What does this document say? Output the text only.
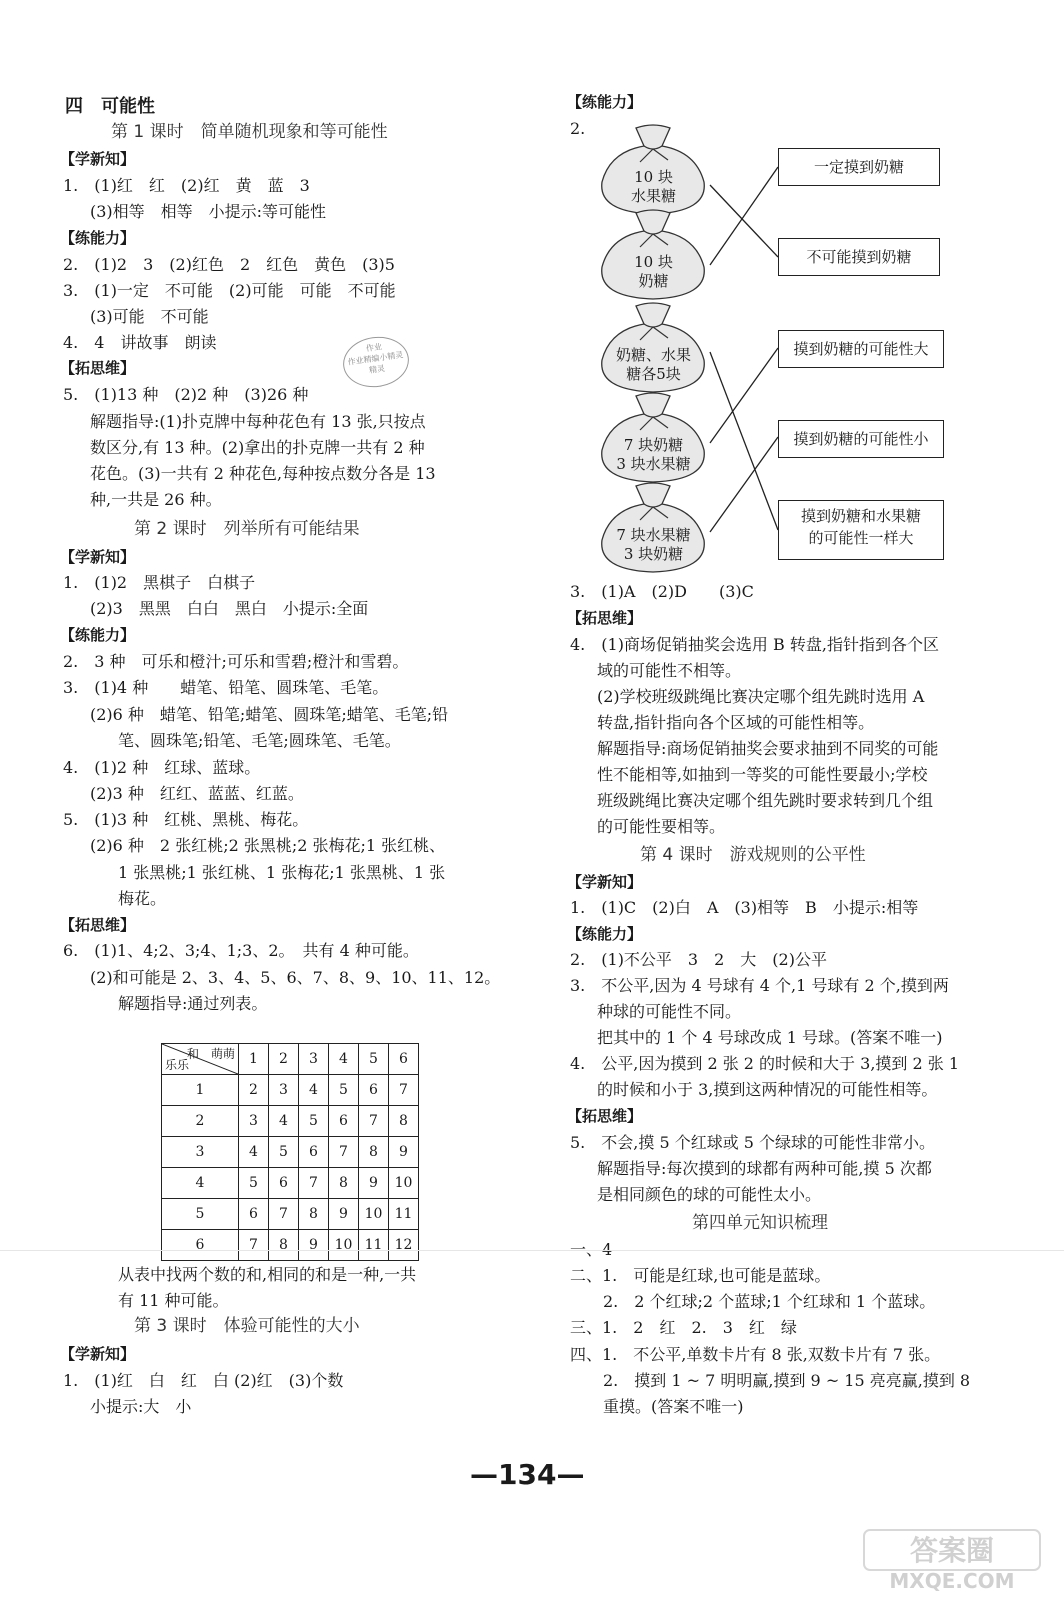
四　可能性
第 1 课时　简单随机现象和等可能性
【学新知】
1.　(1)红　红　(2)红　黄　蓝　3
(3)相等　相等　小提示:等可能性
【练能力】
2.　(1)2　3　(2)红色　2　红色　黄色　(3)5
3.　(1)一定　不可能　(2)可能　可能　不可能
(3)可能　不可能
4.　4　讲故事　朗读	作业
作业精编小精灵
精灵
【拓思维】
5.　(1)13 种　(2)2 种　(3)26 种
解题指导:(1)扑克牌中每种花色有 13 张,只按点
数区分,有 13 种。(2)拿出的扑克牌一共有 2 种
花色。(3)一共有 2 种花色,每种按点数分各是 13
种,一共是 26 种。
第 2 课时　列举所有可能结果
【学新知】
1.　(1)2　黑棋子　白棋子
(2)3　黑黑　白白　黑白　小提示:全面
【练能力】
2.　3 种　可乐和橙汁;可乐和雪碧;橙汁和雪碧。
3.　(1)4 种　　蜡笔、铅笔、圆珠笔、毛笔。
(2)6 种　蜡笔、铅笔;蜡笔、圆珠笔;蜡笔、毛笔;铅
笔、圆珠笔;铅笔、毛笔;圆珠笔、毛笔。
4.　(1)2 种　红球、蓝球。
(2)3 种　红红、蓝蓝、红蓝。
5.　(1)3 种　红桃、黑桃、梅花。
(2)6 种　2 张红桃;2 张黑桃;2 张梅花;1 张红桃、
1 张黑桃;1 张红桃、1 张梅花;1 张黑桃、1 张
梅花。
【拓思维】
6.　(1)1、4;2、3;4、1;3、2。　共有 4 种可能。
(2)和可能是 2、3、4、5、6、7、8、9、10、11、12。
解题指导:通过列表。
和　萌萌
乐乐	1	2	3	4	5	6
1	2	3	4	5	6	7
2	3	4	5	6	7	8
3	4	5	6	7	8	9
4	5	6	7	8	9	10
5	6	7	8	9	10	11
6	7	8	9	10	11	12
从表中找两个数的和,相同的和是一种,一共
有 11 种可能。
第 3 课时　体验可能性的大小
【学新知】
1.　(1)红　白　红　白 (2)红　(3)个数
小提示:大　小
【练能力】
2.
10 块
水果糖
10 块
奶糖
奶糖、水果
糖各5块
7 块奶糖
3 块水果糖
7 块水果糖
3 块奶糖
一定摸到奶糖
不可能摸到奶糖
摸到奶糖的可能性大
摸到奶糖的可能性小
摸到奶糖和水果糖
的可能性一样大
3.　(1)A　(2)D　　(3)C
【拓思维】
4.　(1)商场促销抽奖会选用 B 转盘,指针指到各个区
域的可能性不相等。
(2)学校班级跳绳比赛决定哪个组先跳时选用 A
转盘,指针指向各个区域的可能性相等。
解题指导:商场促销抽奖会要求抽到不同奖的可能
性不能相等,如抽到一等奖的可能性要最小;学校
班级跳绳比赛决定哪个组先跳时要求转到几个组
的可能性要相等。
第 4 课时　游戏规则的公平性
【学新知】
1.　(1)C　(2)白　A　(3)相等　B　小提示:相等
【练能力】
2.　(1)不公平　3　2　大　(2)公平
3.　不公平,因为 4 号球有 4 个,1 号球有 2 个,摸到两
种球的可能性不同。
把其中的 1 个 4 号球改成 1 号球。(答案不唯一)
4.　公平,因为摸到 2 张 2 的时候和大于 3,摸到 2 张 1
的时候和小于 3,摸到这两种情况的可能性相等。
【拓思维】
5.　不会,摸 5 个红球或 5 个绿球的可能性非常小。
解题指导:每次摸到的球都有两种可能,摸 5 次都
是相同颜色的球的可能性太小。
第四单元知识梳理
一、4
二、1.　可能是红球,也可能是蓝球。
2.　2 个红球;2 个蓝球;1 个红球和 1 个蓝球。
三、1.　2　红　2.　3　红　绿
四、1.　不公平,单数卡片有 8 张,双数卡片有 7 张。
2.　摸到 1 ~ 7 明明赢,摸到 9 ~ 15 亮亮赢,摸到 8
重摸。(答案不唯一)
—134—
答案圈
MXQE.COM
